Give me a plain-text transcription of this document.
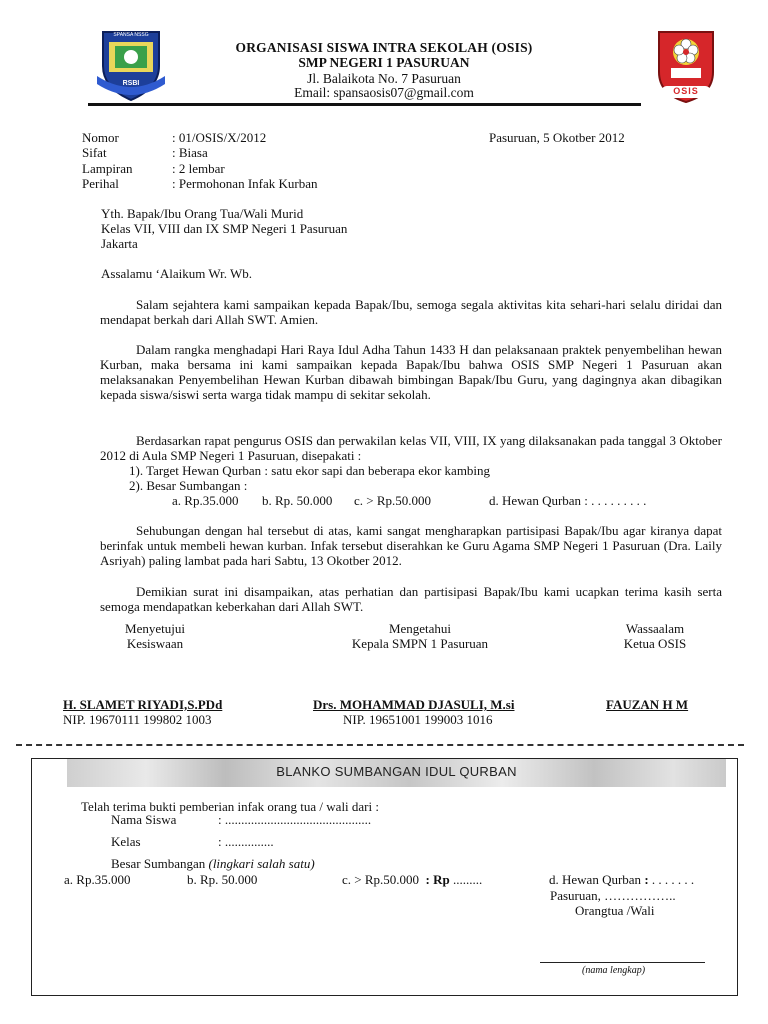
SPANSA NSSG
RSBI
OSIS
ORGANISASI SISWA INTRA SEKOLAH (OSIS)
SMP NEGERI 1 PASURUAN
Jl. Balaikota No. 7 Pasuruan
Email: spansaosis07@gmail.com
Nomor	: 01/OSIS/X/2012	Pasuruan, 5 Okotber 2012
Sifat	: Biasa
Lampiran	: 2 lembar
Perihal	: Permohonan Infak Kurban
Yth. Bapak/Ibu Orang Tua/Wali Murid
Kelas VII, VIII dan IX SMP Negeri 1 Pasuruan
Jakarta
Assalamu ‘Alaikum Wr. Wb.
Salam sejahtera kami sampaikan kepada Bapak/Ibu, semoga segala aktivitas kita sehari-hari selalu diridai dan mendapat berkah dari Allah SWT. Amien.
Dalam rangka menghadapi Hari Raya Idul Adha Tahun 1433 H dan pelaksanaan praktek penyembelihan hewan Kurban, maka bersama ini kami sampaikan kepada Bapak/Ibu bahwa OSIS SMP Negeri 1 Pasuruan akan melaksanakan Penyembelihan Hewan Kurban dibawah bimbingan Bapak/Ibu Guru, yang dagingnya akan dibagikan kepada siswa/siswi serta warga tidak mampu di sekitar sekolah.
Berdasarkan rapat pengurus OSIS dan perwakilan kelas VII, VIII, IX yang dilaksanakan pada tanggal 3 Oktober 2012 di Aula SMP Negeri 1 Pasuruan, disepakati :
1). Target Hewan Qurban : satu ekor sapi dan beberapa ekor kambing
2). Besar Sumbangan :
a. Rp.35.000 b. Rp. 50.000 c. > Rp.50.000	d. Hewan Qurban : . . . . . . . . .
Sehubungan dengan hal tersebut di atas, kami sangat mengharapkan partisipasi Bapak/Ibu agar kiranya dapat berinfak untuk membeli hewan kurban. Infak tersebut diserahkan ke Guru Agama SMP Negeri 1 Pasuruan (Dra. Laily Asriyah) paling lambat pada hari Sabtu, 13 Okotber 2012.
Demikian surat ini disampaikan, atas perhatian dan partisipasi Bapak/Ibu kami ucapkan terima kasih serta semoga mendapatkan keberkahan dari Allah SWT.
Menyetujui
Kesiswaan
Mengetahui
Kepala SMPN 1 Pasuruan
Wassaalam
Ketua OSIS
H. SLAMET RIYADI,S.PDd
NIP. 19670111 199802 1003
Drs. MOHAMMAD DJASULI, M.si
NIP. 19651001 199003 1016
FAUZAN H M
BLANKO SUMBANGAN IDUL QURBAN
Telah terima bukti pemberian infak orang tua / wali dari :
Nama Siswa	: .............................................
Kelas	: ...............
Besar Sumbangan (lingkari salah satu)
a. Rp.35.000	b. Rp. 50.000	c. > Rp.50.000 : Rp .........	d. Hewan Qurban : . . . . . . .
Pasuruan, ……………..
Orangtua /Wali
(nama lengkap)
